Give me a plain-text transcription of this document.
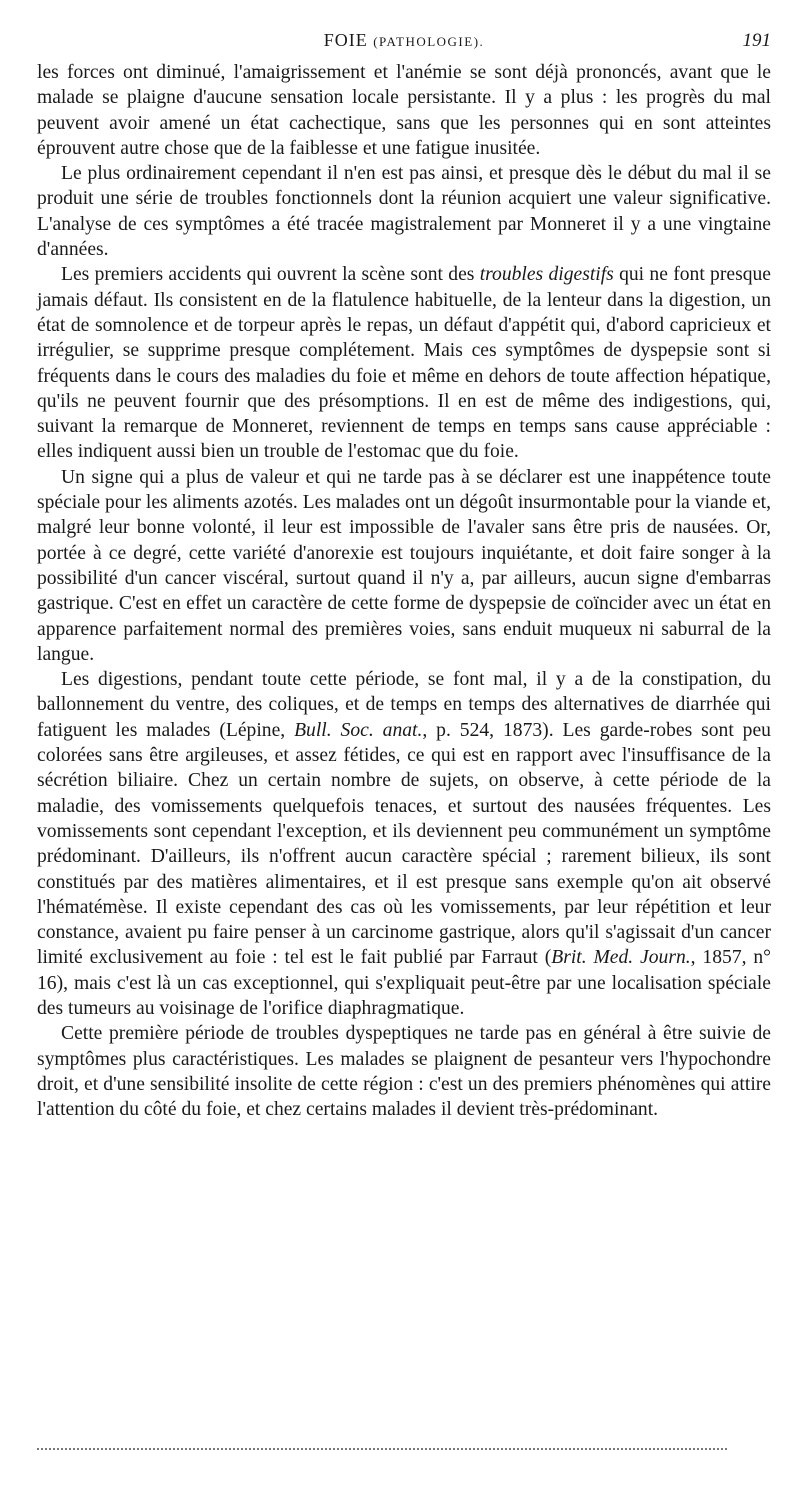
FOIE (PATHOLOGIE).	191

les forces ont diminué, l'amaigrissement et l'anémie se sont déjà prononcés, avant que le malade se plaigne d'aucune sensation locale persistante. Il y a plus : les progrès du mal peuvent avoir amené un état cachectique, sans que les personnes qui en sont atteintes éprouvent autre chose que de la faiblesse et une fatigue inusitée.

Le plus ordinairement cependant il n'en est pas ainsi, et presque dès le début du mal il se produit une série de troubles fonctionnels dont la réunion acquiert une valeur significative. L'analyse de ces symptômes a été tracée magistralement par Monneret il y a une vingtaine d'années.

Les premiers accidents qui ouvrent la scène sont des troubles digestifs qui ne font presque jamais défaut. Ils consistent en de la flatulence habituelle, de la lenteur dans la digestion, un état de somnolence et de torpeur après le repas, un défaut d'appétit qui, d'abord capricieux et irrégulier, se supprime presque complétement. Mais ces symptômes de dyspepsie sont si fréquents dans le cours des maladies du foie et même en dehors de toute affection hépatique, qu'ils ne peuvent fournir que des présomptions. Il en est de même des indigestions, qui, suivant la remarque de Monneret, reviennent de temps en temps sans cause appréciable : elles indiquent aussi bien un trouble de l'estomac que du foie.

Un signe qui a plus de valeur et qui ne tarde pas à se déclarer est une inappétence toute spéciale pour les aliments azotés. Les malades ont un dégoût insurmontable pour la viande et, malgré leur bonne volonté, il leur est impossible de l'avaler sans être pris de nausées. Or, portée à ce degré, cette variété d'anorexie est toujours inquiétante, et doit faire songer à la possibilité d'un cancer viscéral, surtout quand il n'y a, par ailleurs, aucun signe d'embarras gastrique. C'est en effet un caractère de cette forme de dyspepsie de coïncider avec un état en apparence parfaitement normal des premières voies, sans enduit muqueux ni saburral de la langue.

Les digestions, pendant toute cette période, se font mal, il y a de la constipation, du ballonnement du ventre, des coliques, et de temps en temps des alternatives de diarrhée qui fatiguent les malades (Lépine, Bull. Soc. anat., p. 524, 1873). Les garde-robes sont peu colorées sans être argileuses, et assez fétides, ce qui est en rapport avec l'insuffisance de la sécrétion biliaire. Chez un certain nombre de sujets, on observe, à cette période de la maladie, des vomissements quelquefois tenaces, et surtout des nausées fréquentes. Les vomissements sont cependant l'exception, et ils deviennent peu communément un symptôme prédominant. D'ailleurs, ils n'offrent aucun caractère spécial ; rarement bilieux, ils sont constitués par des matières alimentaires, et il est presque sans exemple qu'on ait observé l'hématémèse. Il existe cependant des cas où les vomissements, par leur répétition et leur constance, avaient pu faire penser à un carcinome gastrique, alors qu'il s'agissait d'un cancer limité exclusivement au foie : tel est le fait publié par Farraut (Brit. Med. Journ., 1857, n° 16), mais c'est là un cas exceptionnel, qui s'expliquait peut-être par une localisation spéciale des tumeurs au voisinage de l'orifice diaphragmatique.

Cette première période de troubles dyspeptiques ne tarde pas en général à être suivie de symptômes plus caractéristiques. Les malades se plaignent de pesanteur vers l'hypochondre droit, et d'une sensibilité insolite de cette région : c'est un des premiers phénomènes qui attire l'attention du côté du foie, et chez certains malades il devient très-prédominant.
